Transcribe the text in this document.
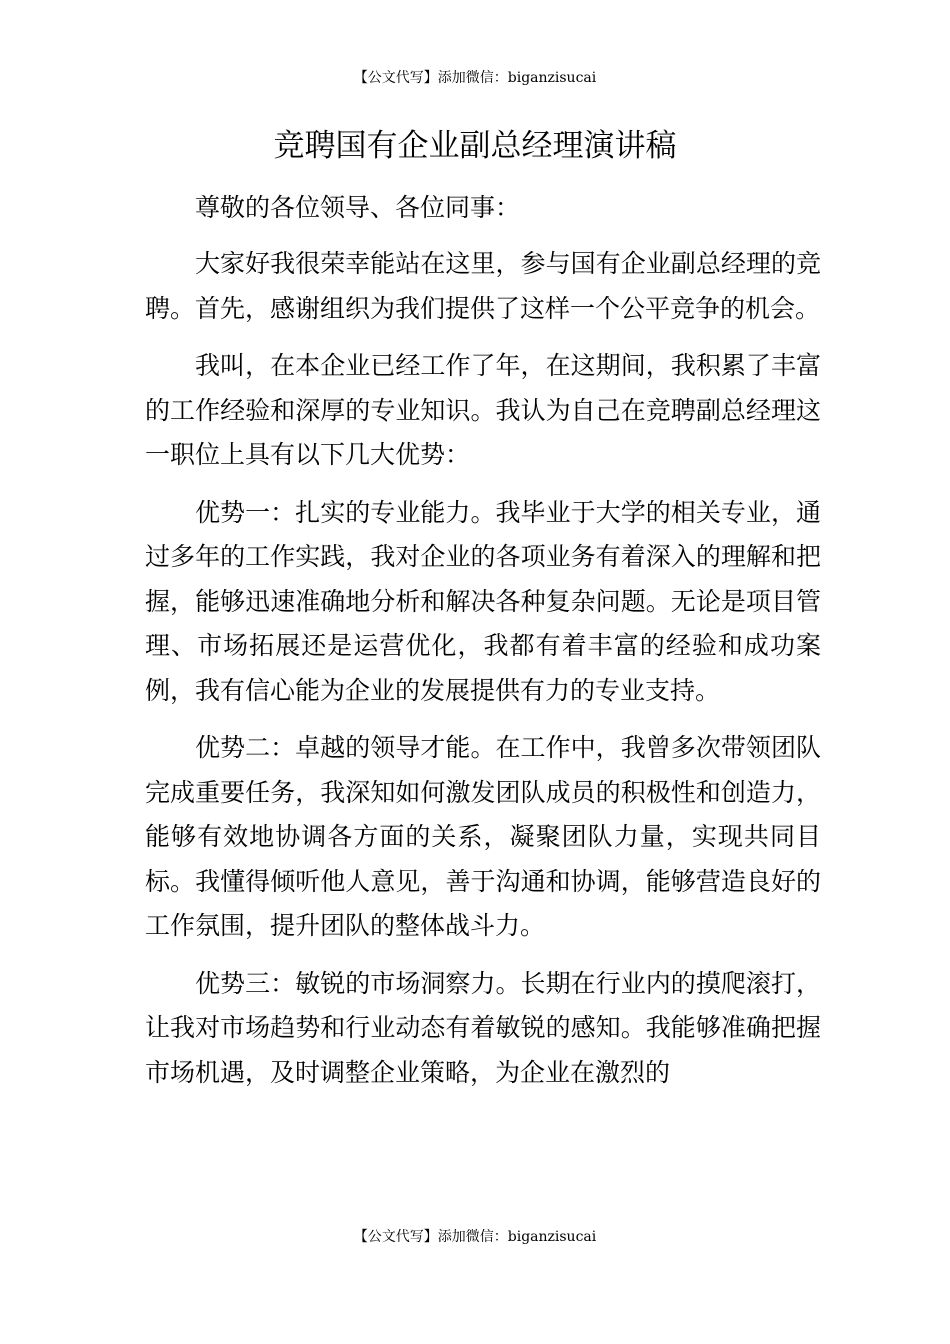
【公文代写】添加微信：biganzisucai
竞聘国有企业副总经理演讲稿

尊敬的各位领导、各位同事：

大家好我很荣幸能站在这里，参与国有企业副总经理的竞聘。首先，感谢组织为我们提供了这样一个公平竞争的机会。

我叫，在本企业已经工作了年，在这期间，我积累了丰富的工作经验和深厚的专业知识。我认为自己在竞聘副总经理这一职位上具有以下几大优势：

优势一：扎实的专业能力。我毕业于大学的相关专业，通过多年的工作实践，我对企业的各项业务有着深入的理解和把握，能够迅速准确地分析和解决各种复杂问题。无论是项目管理、市场拓展还是运营优化，我都有着丰富的经验和成功案例，我有信心能为企业的发展提供有力的专业支持。

优势二：卓越的领导才能。在工作中，我曾多次带领团队完成重要任务，我深知如何激发团队成员的积极性和创造力，能够有效地协调各方面的关系，凝聚团队力量，实现共同目标。我懂得倾听他人意见，善于沟通和协调，能够营造良好的工作氛围，提升团队的整体战斗力。

优势三：敏锐的市场洞察力。长期在行业内的摸爬滚打，让我对市场趋势和行业动态有着敏锐的感知。我能够准确把握市场机遇，及时调整企业策略，为企业在激烈的

【公文代写】添加微信：biganzisucai
